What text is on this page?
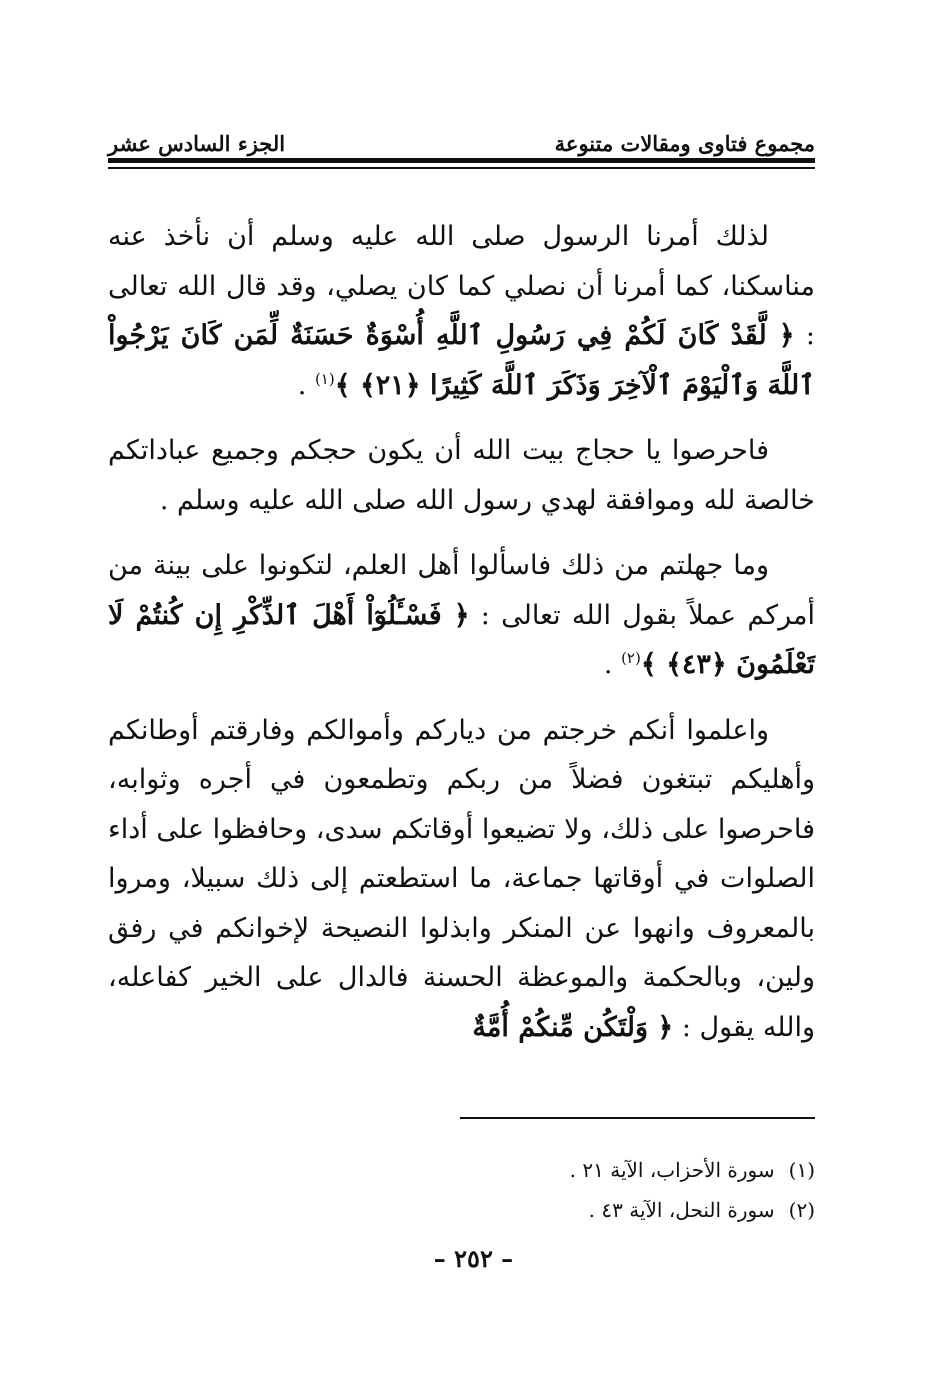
مجموع فتاوى ومقالات متنوعة
الجزء السادس عشر

لذلك أمرنا الرسول صلى الله عليه وسلم أن نأخذ عنه مناسكنا، كما أمرنا أن نصلي كما كان يصلي، وقد قال الله تعالى : ﴿ لَّقَدْ كَانَ لَكُمْ فِي رَسُولِ ٱللَّهِ أُسْوَةٌ حَسَنَةٌ لِّمَن كَانَ يَرْجُواْ ٱللَّهَ وَٱلْيَوْمَ ٱلْآخِرَ وَذَكَرَ ٱللَّهَ كَثِيرًا ﴿٢١﴾ ﴾$^{(١)}$ .

فاحرصوا يا حجاج بيت الله أن يكون حجكم وجميع عباداتكم خالصة لله وموافقة لهدي رسول الله صلى الله عليه وسلم .

وما جهلتم من ذلك فاسألوا أهل العلم، لتكونوا على بينة من أمركم عملاً بقول الله تعالى : ﴿ فَسْـَٔلُوٓاْ أَهْلَ ٱلذِّكْرِ إِن كُنتُمْ لَا تَعْلَمُونَ ﴿٤٣﴾ ﴾$^{(٢)}$ .

واعلموا أنكم خرجتم من دياركم وأموالكم وفارقتم أوطانكم وأهليكم تبتغون فضلاً من ربكم وتطمعون في أجره وثوابه، فاحرصوا على ذلك، ولا تضيعوا أوقاتكم سدى، وحافظوا على أداء الصلوات في أوقاتها جماعة، ما استطعتم إلى ذلك سبيلا، ومروا بالمعروف وانهوا عن المنكر وابذلوا النصيحة لإخوانكم في رفق ولين، وبالحكمة والموعظة الحسنة فالدال على الخير كفاعله، والله يقول : ﴿ وَلْتَكُن مِّنكُمْ أُمَّةٌ

(١)
سورة الأحزاب، الآية ٢١ .
(٢)
سورة النحل، الآية ٤٣ .
– ٢٥٢ –
